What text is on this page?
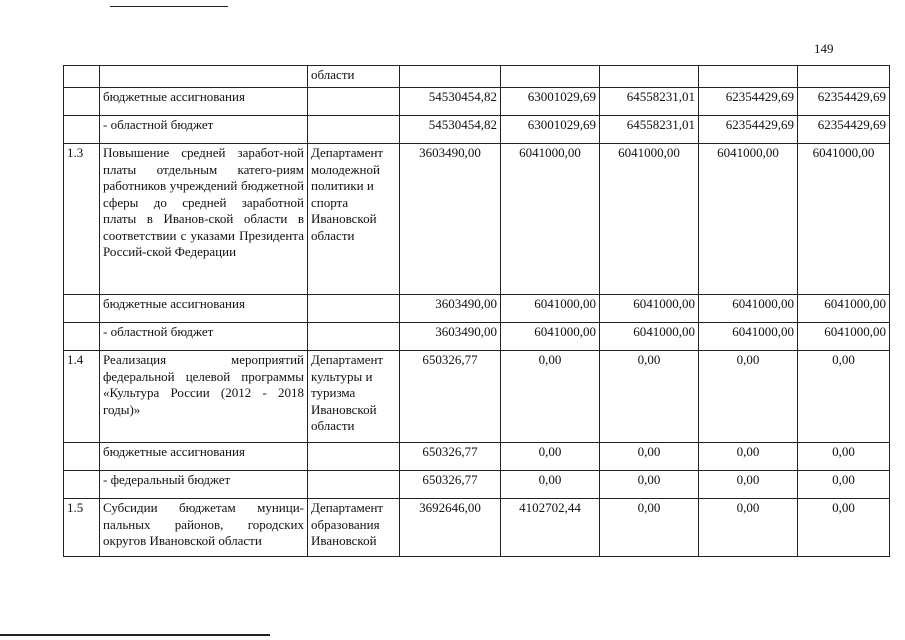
149
		области					
	бюджетные ассигнования		54530454,82	63001029,69	64558231,01	62354429,69	62354429,69
	- областной бюджет		54530454,82	63001029,69	64558231,01	62354429,69	62354429,69
1.3	Повышение средней заработ-ной платы отдельным катего-риям работников учреждений бюджетной сферы до средней заработной платы в Иванов-ской области в соответствии с указами Президента Россий-ской Федерации	Департамент молодежной политики и спорта Ивановской области	3603490,00	6041000,00	6041000,00	6041000,00	6041000,00
	бюджетные ассигнования		3603490,00	6041000,00	6041000,00	6041000,00	6041000,00
	- областной бюджет		3603490,00	6041000,00	6041000,00	6041000,00	6041000,00
1.4	Реализация мероприятий федеральной целевой программы «Культура России (2012 - 2018 годы)»	Департамент культуры и туризма Ивановской области	650326,77	0,00	0,00	0,00	0,00
	бюджетные ассигнования		650326,77	0,00	0,00	0,00	0,00
	- федеральный бюджет		650326,77	0,00	0,00	0,00	0,00
1.5	Субсидии бюджетам муници-пальных районов, городских округов Ивановской области	Департамент образования Ивановской	3692646,00	4102702,44	0,00	0,00	0,00
